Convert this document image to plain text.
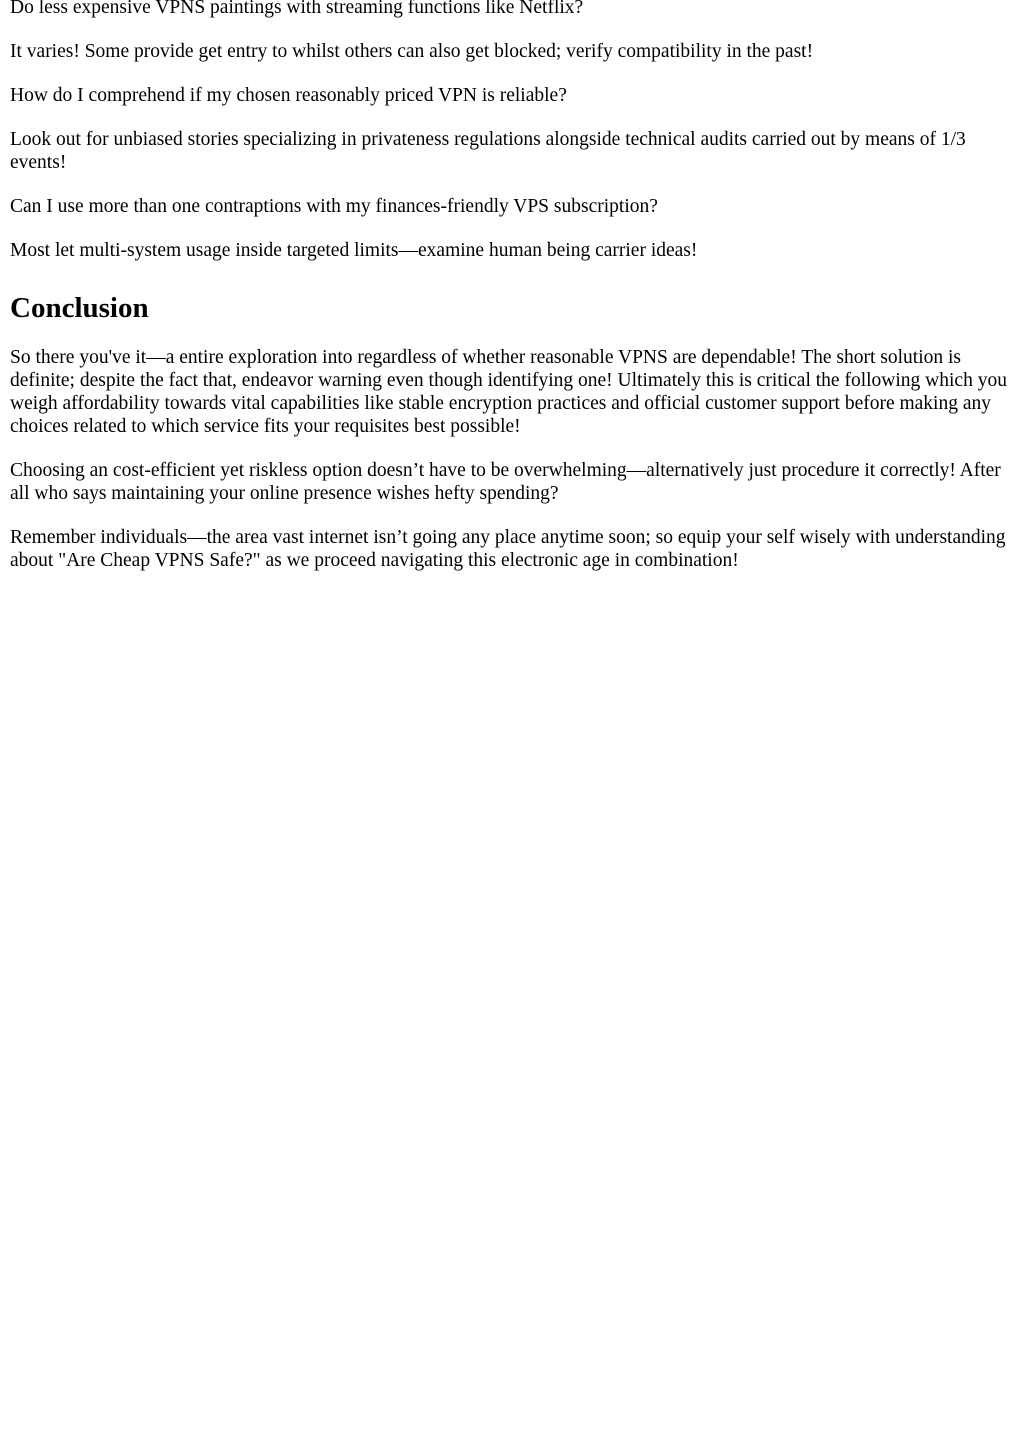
Do less expensive VPNS paintings with streaming functions like Netflix?

It varies! Some provide get entry to whilst others can also get blocked; verify compatibility in the past!

How do I comprehend if my chosen reasonably priced VPN is reliable?

Look out for unbiased stories specializing in privateness regulations alongside technical audits carried out by means of 1/3 events!

Can I use more than one contraptions with my finances-friendly VPS subscription?

Most let multi-system usage inside targeted limits—examine human being carrier ideas!

Conclusion

So there you've it—a entire exploration into regardless of whether reasonable VPNS are dependable! The short solution is definite; despite the fact that, endeavor warning even though identifying one! Ultimately this is critical the following which you weigh affordability towards vital capabilities like stable encryption practices and official customer support before making any choices related to which service fits your requisites best possible!

Choosing an cost-efficient yet riskless option doesn’t have to be overwhelming—alternatively just procedure it correctly! After all who says maintaining your online presence wishes hefty spending?

Remember individuals—the area vast internet isn’t going any place anytime soon; so equip your self wisely with understanding about "Are Cheap VPNS Safe?" as we proceed navigating this electronic age in combination!
